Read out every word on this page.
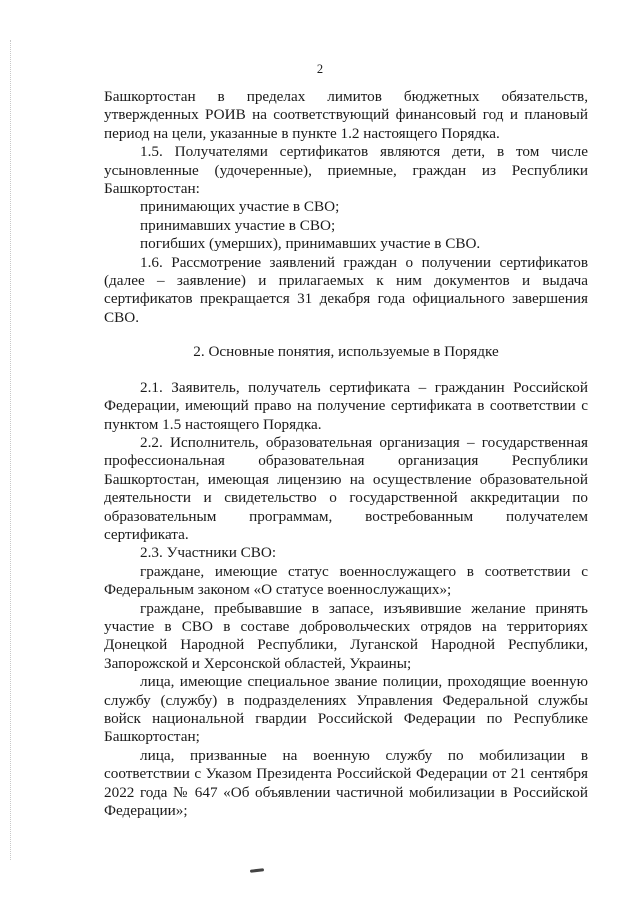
2

Башкортостан в пределах лимитов бюджетных обязательств, утвержденных РОИВ на соответствующий финансовый год и плановый период на цели, указанные в пункте 1.2 настоящего Порядка.

1.5. Получателями сертификатов являются дети, в том числе усыновленные (удочеренные), приемные, граждан из Республики Башкортостан:

принимающих участие в СВО;

принимавших участие в СВО;

погибших (умерших), принимавших участие в СВО.

1.6. Рассмотрение заявлений граждан о получении сертификатов (далее – заявление) и прилагаемых к ним документов и выдача сертификатов прекращается 31 декабря года официального завершения СВО.

2. Основные понятия, используемые в Порядке

2.1. Заявитель, получатель сертификата – гражданин Российской Федерации, имеющий право на получение сертификата в соответствии с пунктом 1.5 настоящего Порядка.

2.2. Исполнитель, образовательная организация – государственная профессиональная образовательная организация Республики Башкортостан, имеющая лицензию на осуществление образовательной деятельности и свидетельство о государственной аккредитации по образовательным программам, востребованным получателем сертификата.

2.3. Участники СВО:

граждане, имеющие статус военнослужащего в соответствии с Федеральным законом «О статусе военнослужащих»;

граждане, пребывавшие в запасе, изъявившие желание принять участие в СВО в составе добровольческих отрядов на территориях Донецкой Народной Республики, Луганской Народной Республики, Запорожской и Херсонской областей, Украины;

лица, имеющие специальное звание полиции, проходящие военную службу (службу) в подразделениях Управления Федеральной службы войск национальной гвардии Российской Федерации по Республике Башкортостан;

лица, призванные на военную службу по мобилизации в соответствии с Указом Президента Российской Федерации от 21 сентября 2022 года № 647 «Об объявлении частичной мобилизации в Российской Федерации»;
